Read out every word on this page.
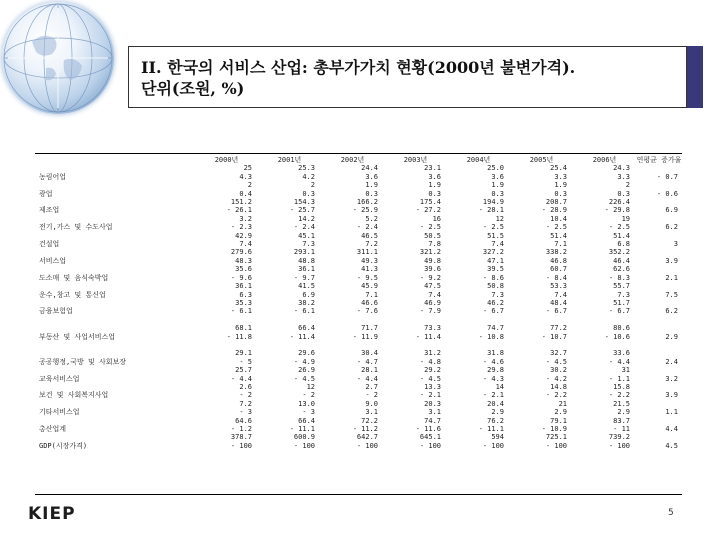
II. 한국의 서비스 산업: 총부가가치 현황(2000년 불변가격).
단위(조원, %)
	2000년	2001년	2002년	2003년	2004년	2005년	2006년	연평균 증가율
	25	25.3	24.4	23.1	25.0	25.4	24.3	
농림어업	4.3	4.2	3.6	3.6	3.6	3.3	3.3	- 0.7
	2	2	1.9	1.9	1.9	1.9	2	
광업	0.4	0.3	0.3	0.3	0.3	0.3	0.3	- 0.6
	151.2	154.3	166.2	175.4	194.9	208.7	226.4	
제조업	- 26.1	- 25.7	- 25.9	- 27.2	- 28.1	- 28.9	- 29.8	6.9
	3.2	14.2	5.2	16	12	10.4	19	
전기,가스 및 수도사업	- 2.3	- 2.4	- 2.4	- 2.5	- 2.5	- 2.5	- 2.5	6.2
	42.9	45.1	46.5	50.5	51.5	51.4	51.4	
건설업	7.4	7.3	7.2	7.8	7.4	7.1	6.8	3
	279.6	293.1	311.1	321.2	327.2	338.2	352.2	
서비스업	48.3	48.8	49.3	49.8	47.1	46.8	46.4	3.9
	35.6	36.1	41.3	39.6	39.5	60.7	62.6	
도소매 및 음식숙박업	- 9.6	- 9.7	- 9.5	- 9.2	- 8.6	- 8.4	- 8.3	2.1
	36.1	41.5	45.9	47.5	50.8	53.3	55.7	
운수,창고 및 통신업	6.3	6.9	7.1	7.4	7.3	7.4	7.3	7.5
	35.3	38.2	46.6	46.9	46.2	48.4	51.7	
금융보험업	- 6.1	- 6.1	- 7.6	- 7.9	- 6.7	- 6.7	- 6.7	6.2

	68.1	66.4	71.7	73.3	74.7	77.2	80.6	
부동산 및 사업서비스업	- 11.8	- 11.4	- 11.9	- 11.4	- 10.8	- 10.7	- 10.6	2.9

	29.1	29.6	30.4	31.2	31.8	32.7	33.6	
공공행정,국방 및 사회보장	- 5	- 4.9	- 4.7	- 4.8	- 4.6	- 4.5	- 4.4	2.4
	25.7	26.9	28.1	29.2	29.8	30.2	31	
교육서비스업	- 4.4	- 4.5	- 4.4	- 4.5	- 4.3	- 4.2	- 1.1	3.2
	2.6	12	2.7	13.3	14	14.8	15.8	
보건 및 사회복지사업	- 2	- 2	- 2	- 2.1	- 2.1	- 2.2	- 2.2	3.9
	7.2	13.0	9.0	20.3	20.4	21	21.5	
기타서비스업	- 3	- 3	3.1	3.1	2.9	2.9	2.9	1.1
	64.6	66.4	72.2	74.7	76.2	79.1	83.7	
총산업계	- 1.2	- 11.1	- 11.2	- 11.6	- 11.1	- 10.9	- 11	4.4
	378.7	600.9	642.7	645.1	594	725.1	739.2	
GDP(시장가격)	- 100	- 100	- 100	- 100	- 100	- 100	- 100	4.5
KIEP	5
